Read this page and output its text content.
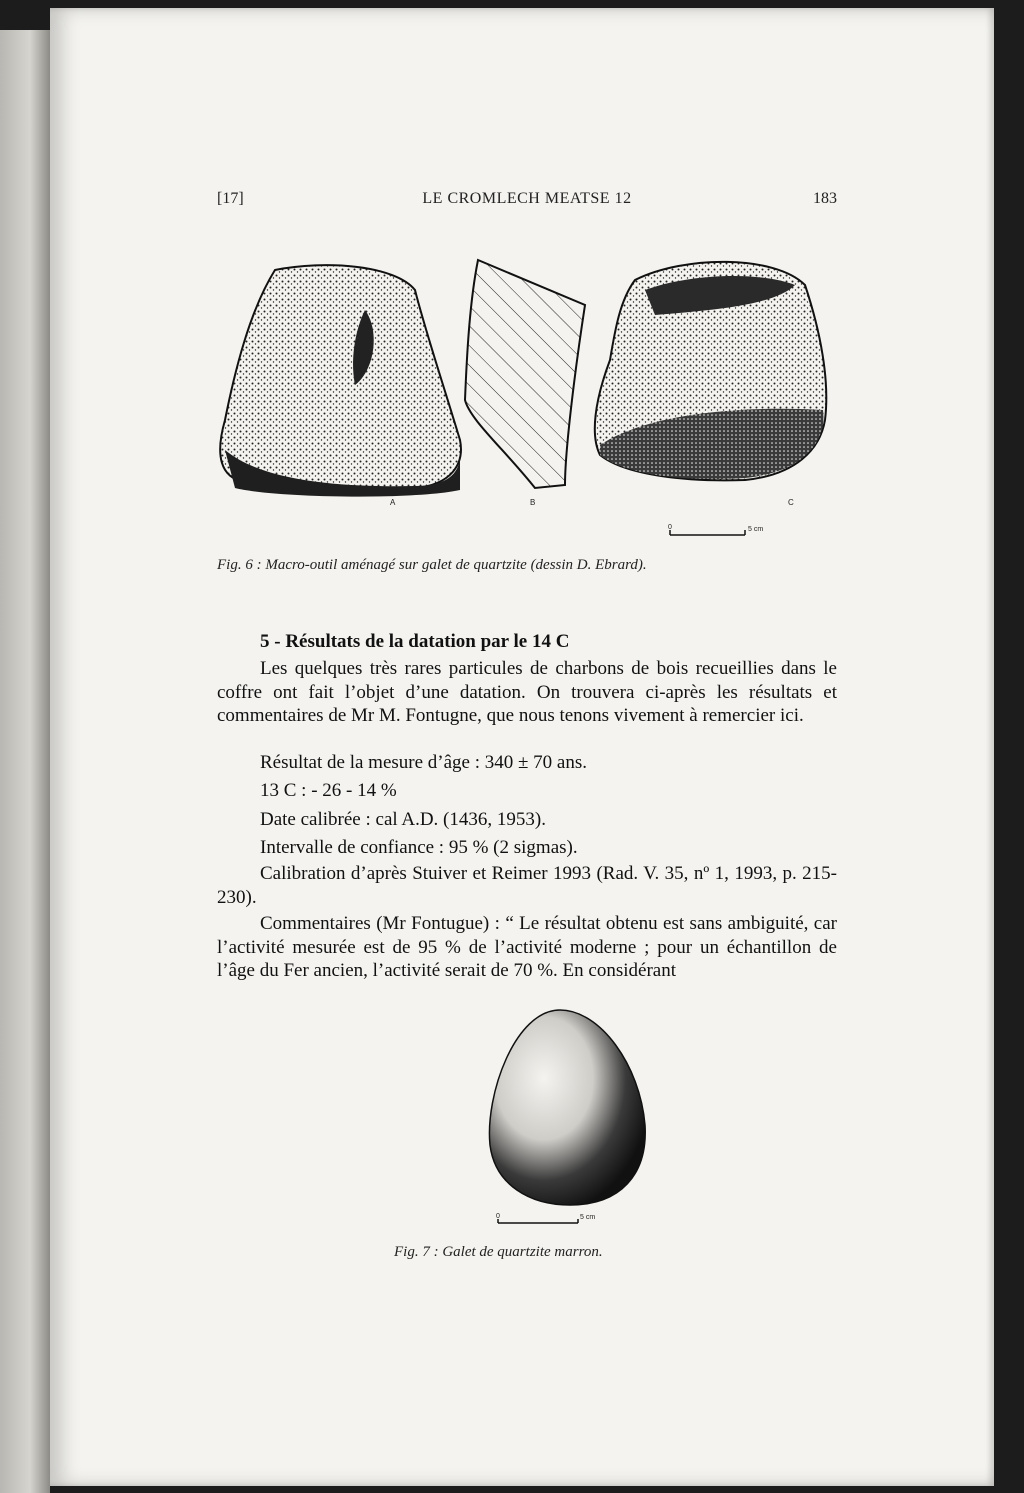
[17]	LE CROMLECH MEATSE 12	183
A	B	C
0	5 cm
Fig. 6 : Macro-outil aménagé sur galet de quartzite (dessin D. Ebrard).
5 - Résultats de la datation par le 14 C
Les quelques très rares particules de charbons de bois recueillies dans le coffre ont fait l’objet d’une datation. On trouvera ci-après les résultats et commentaires de Mr M. Fontugne, que nous tenons vivement à remercier ici.
Résultat de la mesure d’âge : 340 ± 70 ans.
13 C : - 26 - 14 %
Date calibrée : cal A.D. (1436, 1953).
Intervalle de confiance : 95 % (2 sigmas).
Calibration d’après Stuiver et Reimer 1993 (Rad. V. 35, nº 1, 1993, p. 215-230).
Commentaires (Mr Fontugue) : “ Le résultat obtenu est sans ambiguité, car l’activité mesurée est de 95 % de l’activité moderne ; pour un échantillon de l’âge du Fer ancien, l’activité serait de 70 %. En considérant
0	5 cm
Fig. 7 : Galet de quartzite marron.
